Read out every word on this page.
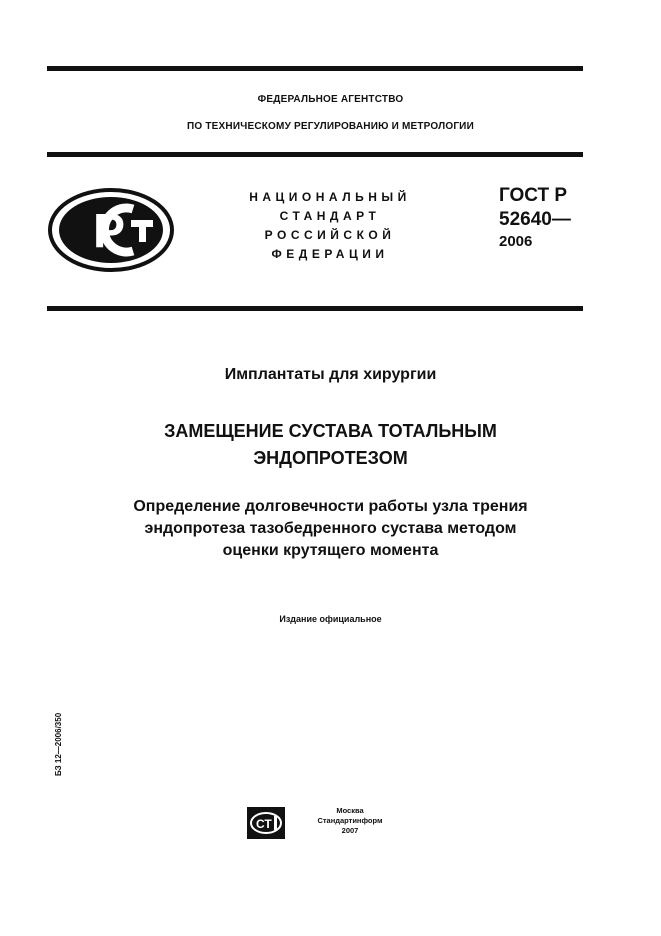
ФЕДЕРАЛЬНОЕ АГЕНТСТВО
ПО ТЕХНИЧЕСКОМУ РЕГУЛИРОВАНИЮ И МЕТРОЛОГИИ
P
НАЦИОНАЛЬНЫЙ
СТАНДАРТ
РОССИЙСКОЙ
ФЕДЕРАЦИИ
ГОСТ Р
52640—
2006
Имплантаты для хирургии
ЗАМЕЩЕНИЕ СУСТАВА ТОТАЛЬНЫМ
ЭНДОПРОТЕЗОМ
Определение долговечности работы узла трения
эндопротеза тазобедренного сустава методом
оценки крутящего момента
Издание официальное
БЗ 12—2006/350
СТ
Москва
Стандартинформ
2007
